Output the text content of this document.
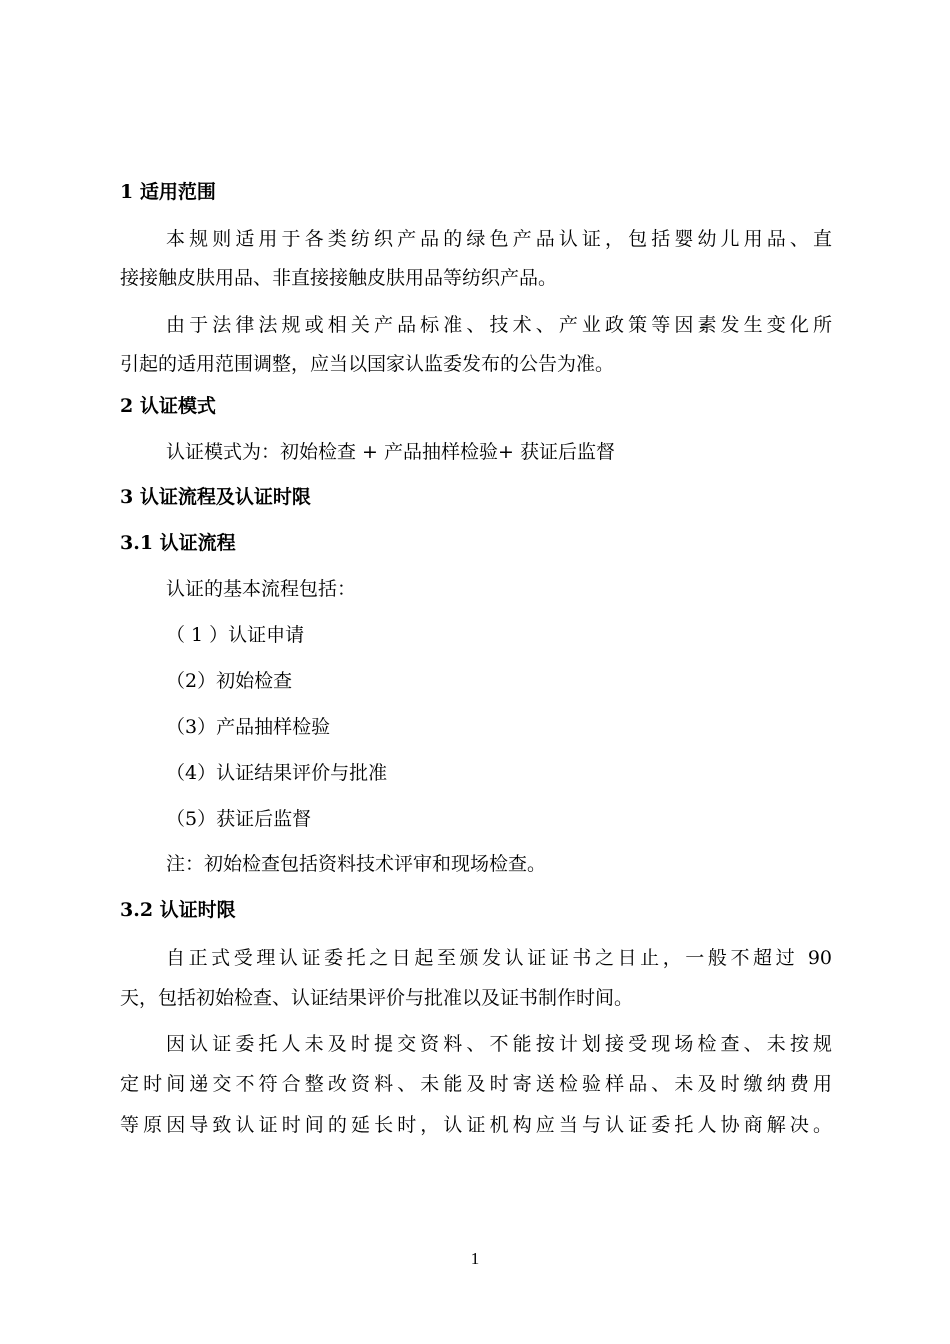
1 适用范围
本规则适用于各类纺织产品的绿色产品认证，包括婴幼儿用品、直
接接触皮肤用品、非直接接触皮肤用品等纺织产品。
由于法律法规或相关产品标准、技术、产业政策等因素发生变化所
引起的适用范围调整，应当以国家认监委发布的公告为准。
2 认证模式
认证模式为：初始检查 + 产品抽样检验+ 获证后监督
3 认证流程及认证时限
3.1 认证流程
认证的基本流程包括：
（ 1 ）认证申请
（2）初始检查
（3）产品抽样检验
（4）认证结果评价与批准
（5）获证后监督
注：初始检查包括资料技术评审和现场检查。
3.2 认证时限
自正式受理认证委托之日起至颁发认证证书之日止，一般不超过 90
天，包括初始检查、认证结果评价与批准以及证书制作时间。
因认证委托人未及时提交资料、不能按计划接受现场检查、未按规
定时间递交不符合整改资料、未能及时寄送检验样品、未及时缴纳费用
等原因导致认证时间的延长时，认证机构应当与认证委托人协商解决。
1
